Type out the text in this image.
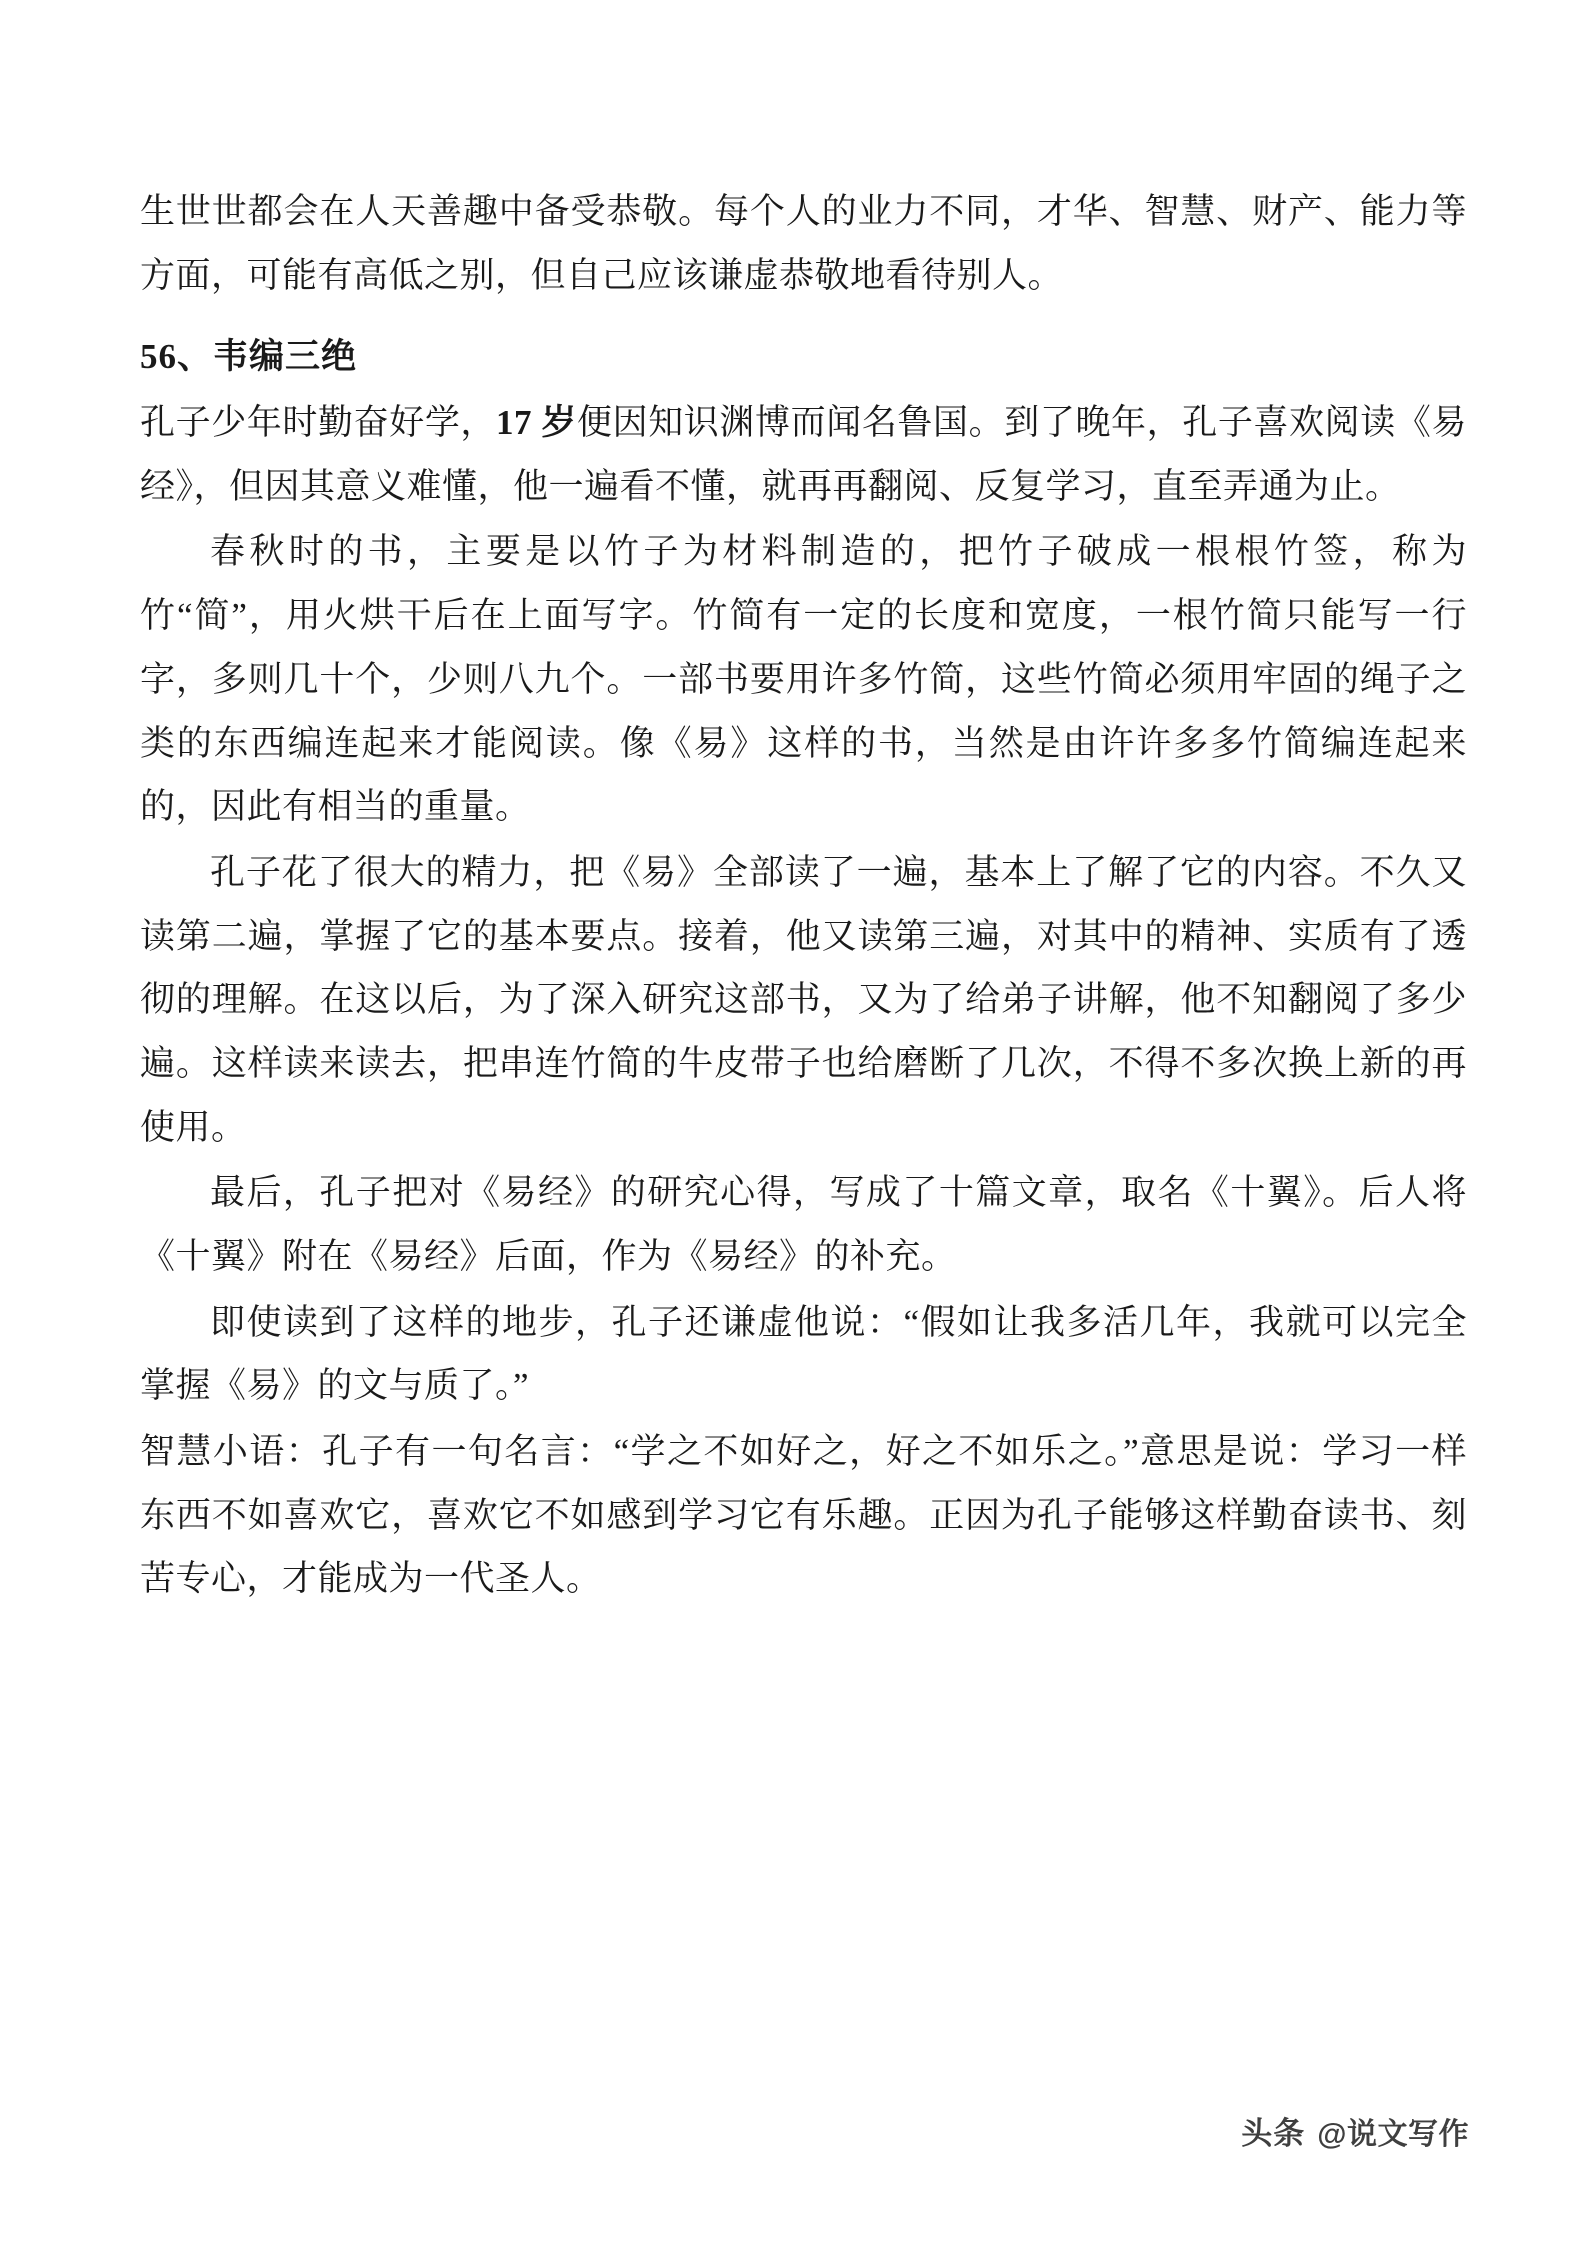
生世世都会在人天善趣中备受恭敬。每个人的业力不同，才华、智慧、财产、能力等方面，可能有高低之别，但自己应该谦虚恭敬地看待别人。

56、韦编三绝

孔子少年时勤奋好学，17 岁便因知识渊博而闻名鲁国。到了晚年，孔子喜欢阅读《易经》，但因其意义难懂，他一遍看不懂，就再再翻阅、反复学习，直至弄通为止。

春秋时的书，主要是以竹子为材料制造的，把竹子破成一根根竹签，称为竹“简”，用火烘干后在上面写字。竹简有一定的长度和宽度，一根竹简只能写一行字，多则几十个，少则八九个。一部书要用许多竹简，这些竹简必须用牢固的绳子之类的东西编连起来才能阅读。像《易》这样的书，当然是由许许多多竹简编连起来的，因此有相当的重量。

孔子花了很大的精力，把《易》全部读了一遍，基本上了解了它的内容。不久又读第二遍，掌握了它的基本要点。接着，他又读第三遍，对其中的精神、实质有了透彻的理解。在这以后，为了深入研究这部书，又为了给弟子讲解，他不知翻阅了多少遍。这样读来读去，把串连竹简的牛皮带子也给磨断了几次，不得不多次换上新的再使用。

最后，孔子把对《易经》的研究心得，写成了十篇文章，取名《十翼》。后人将《十翼》附在《易经》后面，作为《易经》的补充。

即使读到了这样的地步，孔子还谦虚他说：“假如让我多活几年，我就可以完全掌握《易》的文与质了。”

智慧小语：孔子有一句名言：“学之不如好之，好之不如乐之。”意思是说：学习一样东西不如喜欢它，喜欢它不如感到学习它有乐趣。正因为孔子能够这样勤奋读书、刻苦专心，才能成为一代圣人。

头条 @说文写作
